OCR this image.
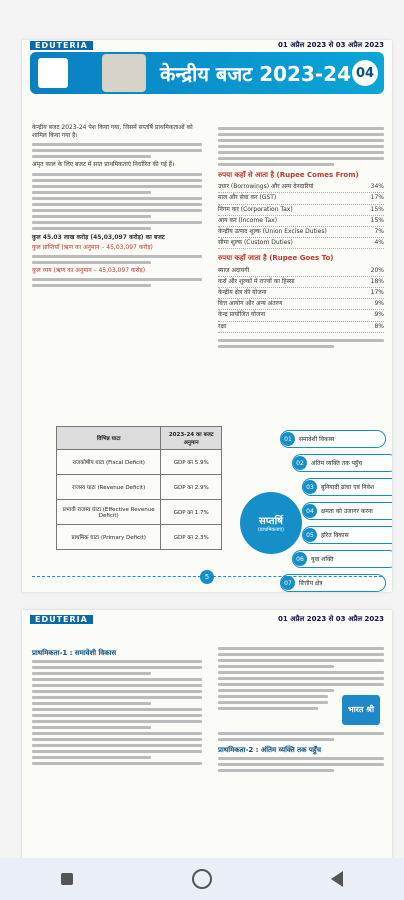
EDUTERIA	01 अप्रैल 2023 से 03 अप्रैल 2023
केन्द्रीय बजट 2023-24 04

केन्द्रीय बजट 2023-24 पेश किया गया, जिसमें सप्तर्षि प्राथमिकताओं को शामिल किया गया है।

अमृत काल के लिए बजट में सात प्राथमिकताएं निर्धारित की गई हैं।

कुल 45.03 लाख करोड़ (45,03,097 करोड़) का बजट

कुल प्राप्तियाँ (ऋण का अनुमान – 45,03,097 करोड़)

कुल व्यय (ऋण का अनुमान – 45,03,097 करोड़)

रुपया कहाँ से आता है (Rupee Comes From)
उधार (Borrowings) और अन्य देनदारियां	34%
माल और सेवा कर (GST)	17%
निगम कर (Corporation Tax)	15%
आय कर (Income Tax)	15%
केन्द्रीय उत्पाद शुल्क (Union Excise Duties)	7%
सीमा शुल्क (Custom Duties)	4%
रुपया कहाँ जाता है (Rupee Goes To)
ब्याज अदायगी	20%
करों और शुल्कों में राज्यों का हिस्सा	18%
केन्द्रीय क्षेत्र की योजना	17%
वित्त आयोग और अन्य अंतरण	9%
केन्द्र प्रायोजित योजना	9%
रक्षा	8%
विभिन्न घाटा	2023-24 का बजट अनुमान
राजकोषीय घाटा (Fiscal Deficit)	GDP का 5.9%
राजस्व घाटा (Revenue Deficit)	GDP का 2.9%
प्रभावी राजस्व घाटा (Effective Revenue Deficit)	GDP का 1.7%
प्राथमिक घाटा (Primary Deficit)	GDP का 2.3%
सप्तर्षि
(प्राथमिकताएं)
01	समावेशी विकास
02	अंतिम व्यक्ति तक पहुँच
03	बुनियादी ढांचा एवं निवेश
04	क्षमता को उजागर करना
05	हरित विकास
06	युवा शक्ति
07	वित्तीय क्षेत्र
5
EDUTERIA	01 अप्रैल 2023 से 03 अप्रैल 2023
प्राथमिकता-1 : समावेशी विकास
भारत श्री
प्राथमिकता-2 : अंतिम व्यक्ति तक पहुँच
